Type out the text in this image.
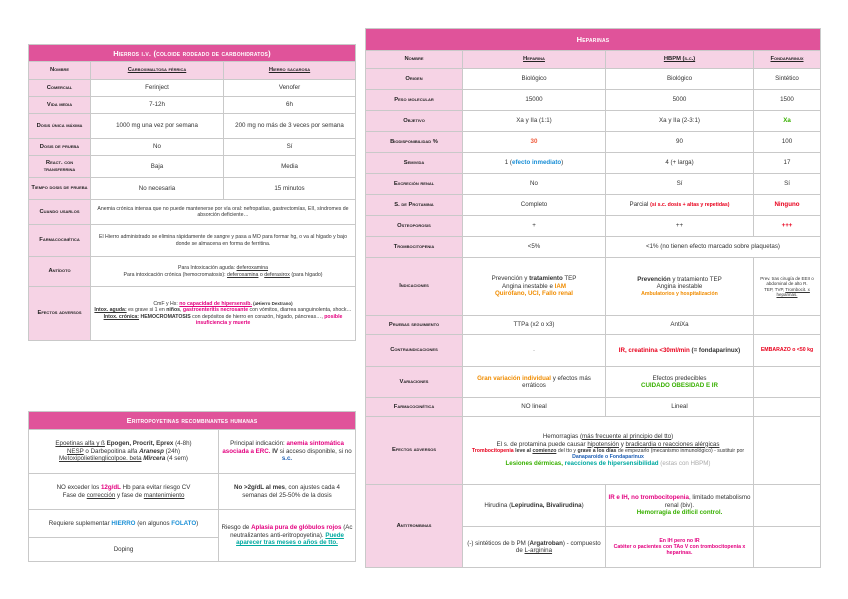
Hierros i.v. (coloide rodeado de carbohidratos)		
Nombre	Carboximaltosa férrica	Hierro sacarosa
Comercial	Ferinject	Venofer
Vida media	7-12h	6h
Dosis única máxima	1000 mg una vez por semana	200 mg no más de 3 veces por semana
Dosis de prueba	No	Sí
React. con transferrina	Baja	Media
Tiempo dosis de prueba	No necesaria	15 minutos
Cuando usarlos	Anemia crónica intensa que no puede mantenerse por vía oral: nefropatías, gastrectomías, EII, síndromes de absorción deficiente…	
Farmacocinética	El Hierro administrado se elimina rápidamente de sangre y pasa a MO para formar hg, o va al hígado y bajo donde se almacena en forma de ferritina.	
Antídoto	Para Intoxicación aguda: deferoxamina
Para intoxicación crónica (hemocromatosis): deferoxamina o deferasirox (para hígado)	

Efectos adversos	CmF y Hs: no capacidad de hipersensib. (aHierro Dextrano)
Intox. aguda: es grave si 1 en niños, gastroenteritis necrosante con vómitos, diarrea sanguinolenta, shock…
Intox. crónica: HEMOCROMATOSIS con depósitos de hierro en corazón, hígado, páncreas…, posible insuficiencia y muerte	
Eritropoyetinas recombinantes humanas	

Epoetinas alfa y ß Epogen, Procrit, Eprex (4-8h)
NESP o Darbepoitina alfa Aranesp (24h)
Metoxipolietilenglicolpoe. beta Mircera (4 sem)	Principal indicación: anemia sintomática asociada a ERC. IV si acceso disponible, si no s.c.

NO exceder los 12g/dL Hb para evitar riesgo CV
Fase de corrección y fase de mantenimiento	No >2g/dL al mes, con ajustes cada 4 semanas del 25-50% de la dosis
Requiere suplementar HIERRO (en algunos FOLATO)	Riesgo de Aplasia pura de glóbulos rojos (Ac neutralizantes anti-eritropoyetina). Puede aparecer tras meses o años de tto.
Doping	
Heparinas			
Nombre	Heparina	HBPM (s.c.)	Fondaparinux
Origen	Biológico	Biológico	Sintético
Peso molecular	15000	5000	1500
Objetivo	Xa y IIa (1:1)	Xa y IIa (2-3:1)	Xa
Biodisponibilidad %	30	90	100
Semivida	1 (efecto inmediato)	4 (+ larga)	17
Excreción renal	No	Sí	Sí
S. de Protamina	Completo	Parcial (si s.c. dosis + altas y repetidas)	Ninguno
Osteoporosis	+	++	+++
Trombocitopenia	<5%	<1% (no tienen efecto marcado sobre plaquetas)	
Indicaciones	Prevención y tratamiento TEP
Angina inestable e IAM
Quirófano, UCI, Fallo renal	Prevención y tratamiento TEP
Angina inestable
Ambulatorios y hospitalización	Prev. tras cirugía de EEII o abdominal de alto R.
TEP, TVP, Trombocit. x heparinas.

Pruebas seguimiento	TTPa (x2 o x3)	AntiXa	
Contraindicaciones	-	IR, creatinina <30ml/min (= fondaparinux)	EMBARAZO o <50 kg
Variaciones	Gran variación individual y efectos más erráticos	Efectos predecibles
CUIDADO OBESIDAD E IR	

Farmacocinética	NO lineal	Lineal	
Efectos adversos	Hemorragias (más frecuente al principio del tto)
El s. de protamina puede causar hipotensión y bradicardia o reacciones alérgicas
Trombocitopenia leve al comienzo del tto y grave a los días de empezarlo (mecanismo inmunológico) - sustituir por Danaparoide o Fondaparinux
Lesiones dérmicas, reacciones de hipersensibilidad (estas con HBPM)		

Antitrombinas	Hirudina (Lepirudina, Bivalirudina)	IR e IH, no trombocitopenia, limitado metabolismo renal (biv).
Hemorragia de difícil control.	

	(-) sintéticos de b PM (Argatroban) - compuesto de L-arginina	En IH pero no IR
Catéter o pacientes con TAo V con trombocitopenia x heparinas.	
